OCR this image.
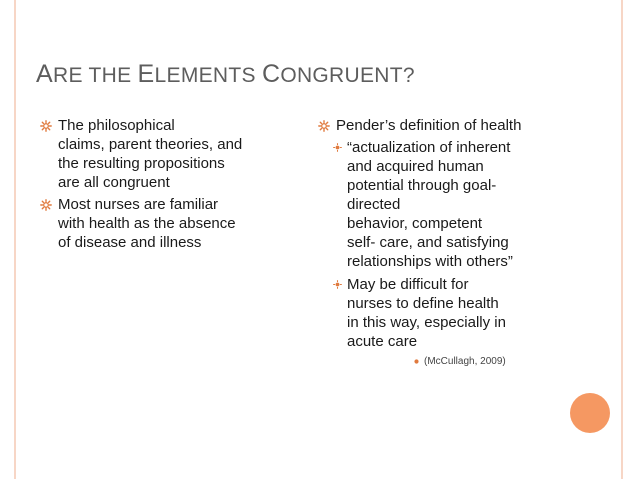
ARE THE ELEMENTS CONGRUENT?
The philosophical
claims, parent theories, and
the resulting propositions
are all congruent
Most nurses are familiar
with health as the absence
of disease and illness
Pender’s definition of health
“actualization of inherent
and acquired human
potential through goal-
directed
behavior, competent
self- care, and satisfying
relationships with others”
May be difficult for
nurses to define health
in this way, especially in
acute care
(McCullagh, 2009)
